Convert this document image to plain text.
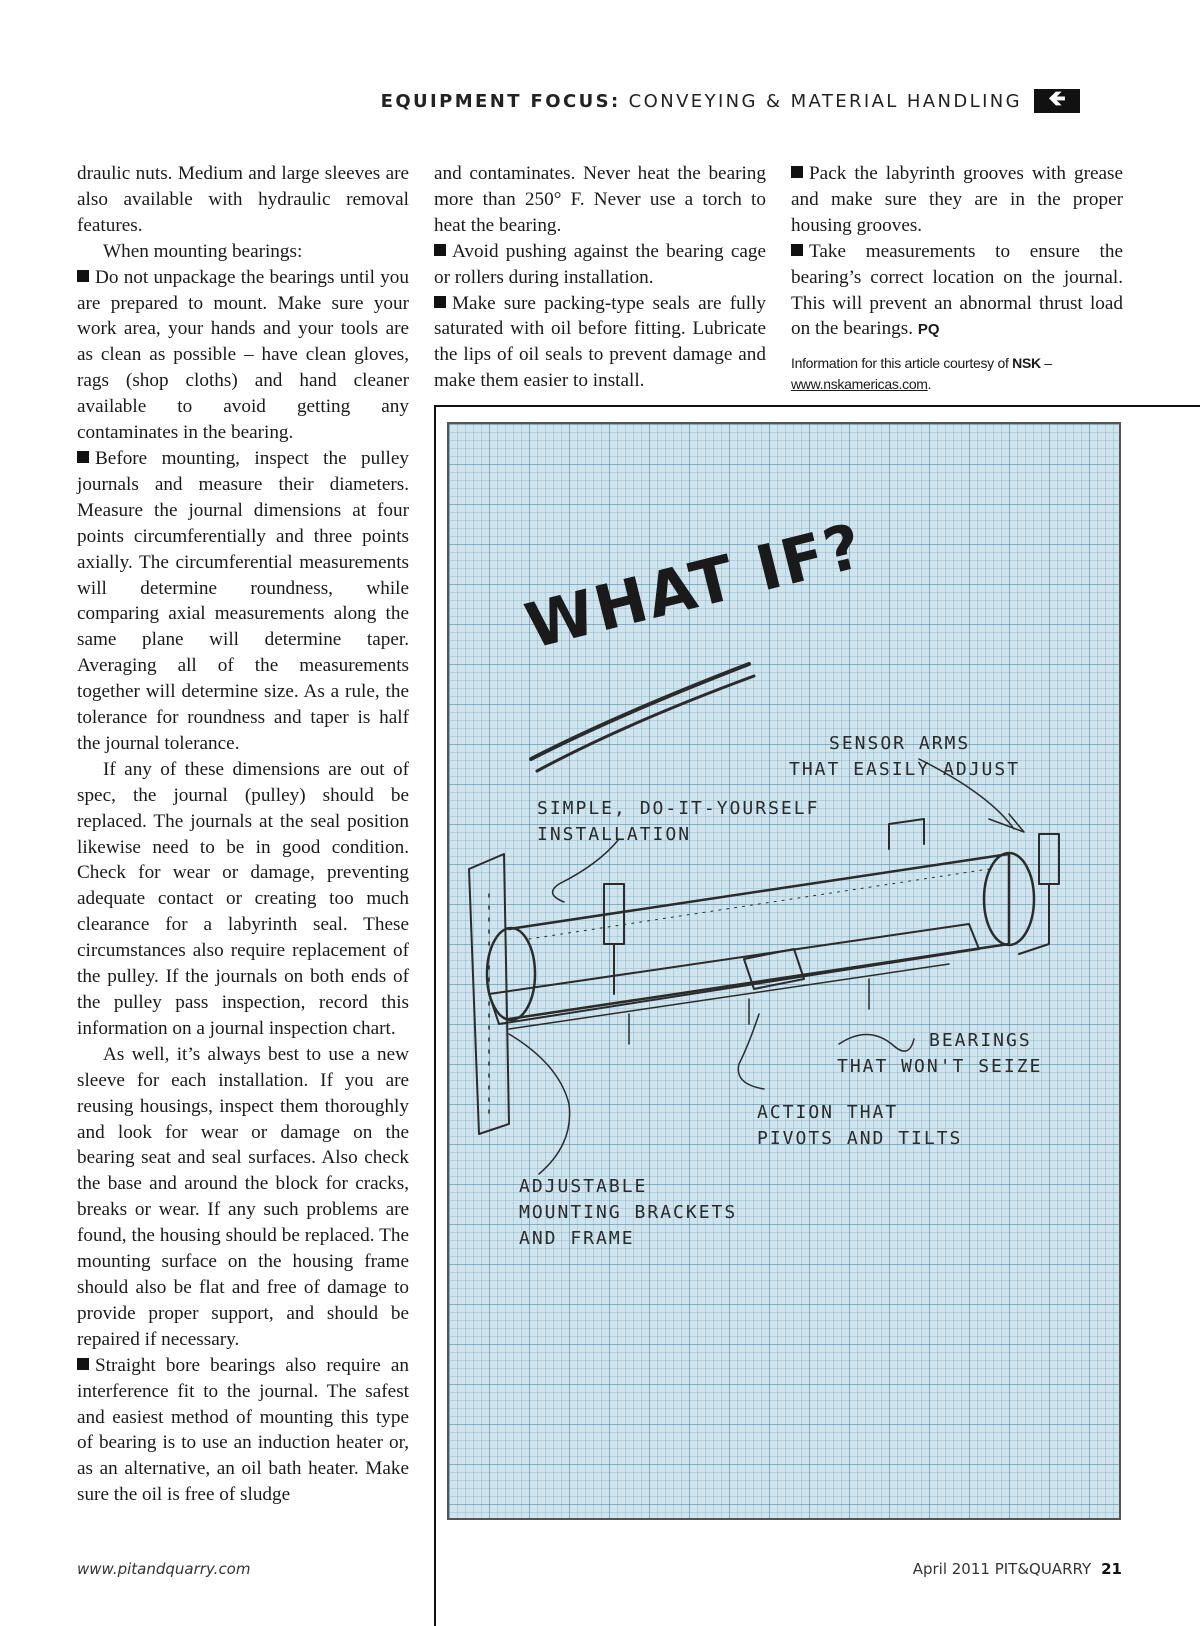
EQUIPMENT FOCUS: CONVEYING & MATERIAL HANDLING	🡸

draulic nuts. Medium and large sleeves are also available with hydraulic removal features.

When mounting bearings:

Do not unpackage the bearings until you are prepared to mount. Make sure your work area, your hands and your tools are as clean as possible – have clean gloves, rags (shop cloths) and hand cleaner available to avoid getting any contaminates in the bearing.

Before mounting, inspect the pulley journals and measure their diameters. Measure the journal dimensions at four points circumferentially and three points axially. The circumferential measurements will determine roundness, while comparing axial measurements along the same plane will determine taper. Averaging all of the measurements together will determine size. As a rule, the tolerance for roundness and taper is half the journal tolerance.

If any of these dimensions are out of spec, the journal (pulley) should be replaced. The journals at the seal position likewise need to be in good condition. Check for wear or damage, preventing adequate contact or creating too much clearance for a labyrinth seal. These circumstances also require replacement of the pulley. If the journals on both ends of the pulley pass inspection, record this information on a journal inspection chart.

As well, it’s always best to use a new sleeve for each installation. If you are reusing housings, inspect them thoroughly and look for wear or damage on the bearing seat and seal surfaces. Also check the base and around the block for cracks, breaks or wear. If any such problems are found, the housing should be replaced. The mounting surface on the housing frame should also be flat and free of damage to provide proper support, and should be repaired if necessary.

Straight bore bearings also require an interference fit to the journal. The safest and easiest method of mounting this type of bearing is to use an induction heater or, as an alternative, an oil bath heater. Make sure the oil is free of sludge

and contaminates. Never heat the bearing more than 250° F. Never use a torch to heat the bearing.

Avoid pushing against the bearing cage or rollers during installation.

Make sure packing-type seals are fully saturated with oil before fitting. Lubricate the lips of oil seals to prevent damage and make them easier to install.

Pack the labyrinth grooves with grease and make sure they are in the proper housing grooves.

Take measurements to ensure the bearing’s correct location on the journal. This will prevent an abnormal thrust load on the bearings. PQ

Information for this article courtesy of NSK –
www.nskamericas.com.

WHAT IF?
SENSOR ARMS
THAT EASILY ADJUST
SIMPLE, DO-IT-YOURSELF
INSTALLATION
BEARINGS
THAT WON'T SEIZE
ACTION THAT
PIVOTS AND TILTS
ADJUSTABLE
MOUNTING BRACKETS
AND FRAME
www.pitandquarry.com	April 2011 PIT&QUARRY 21
